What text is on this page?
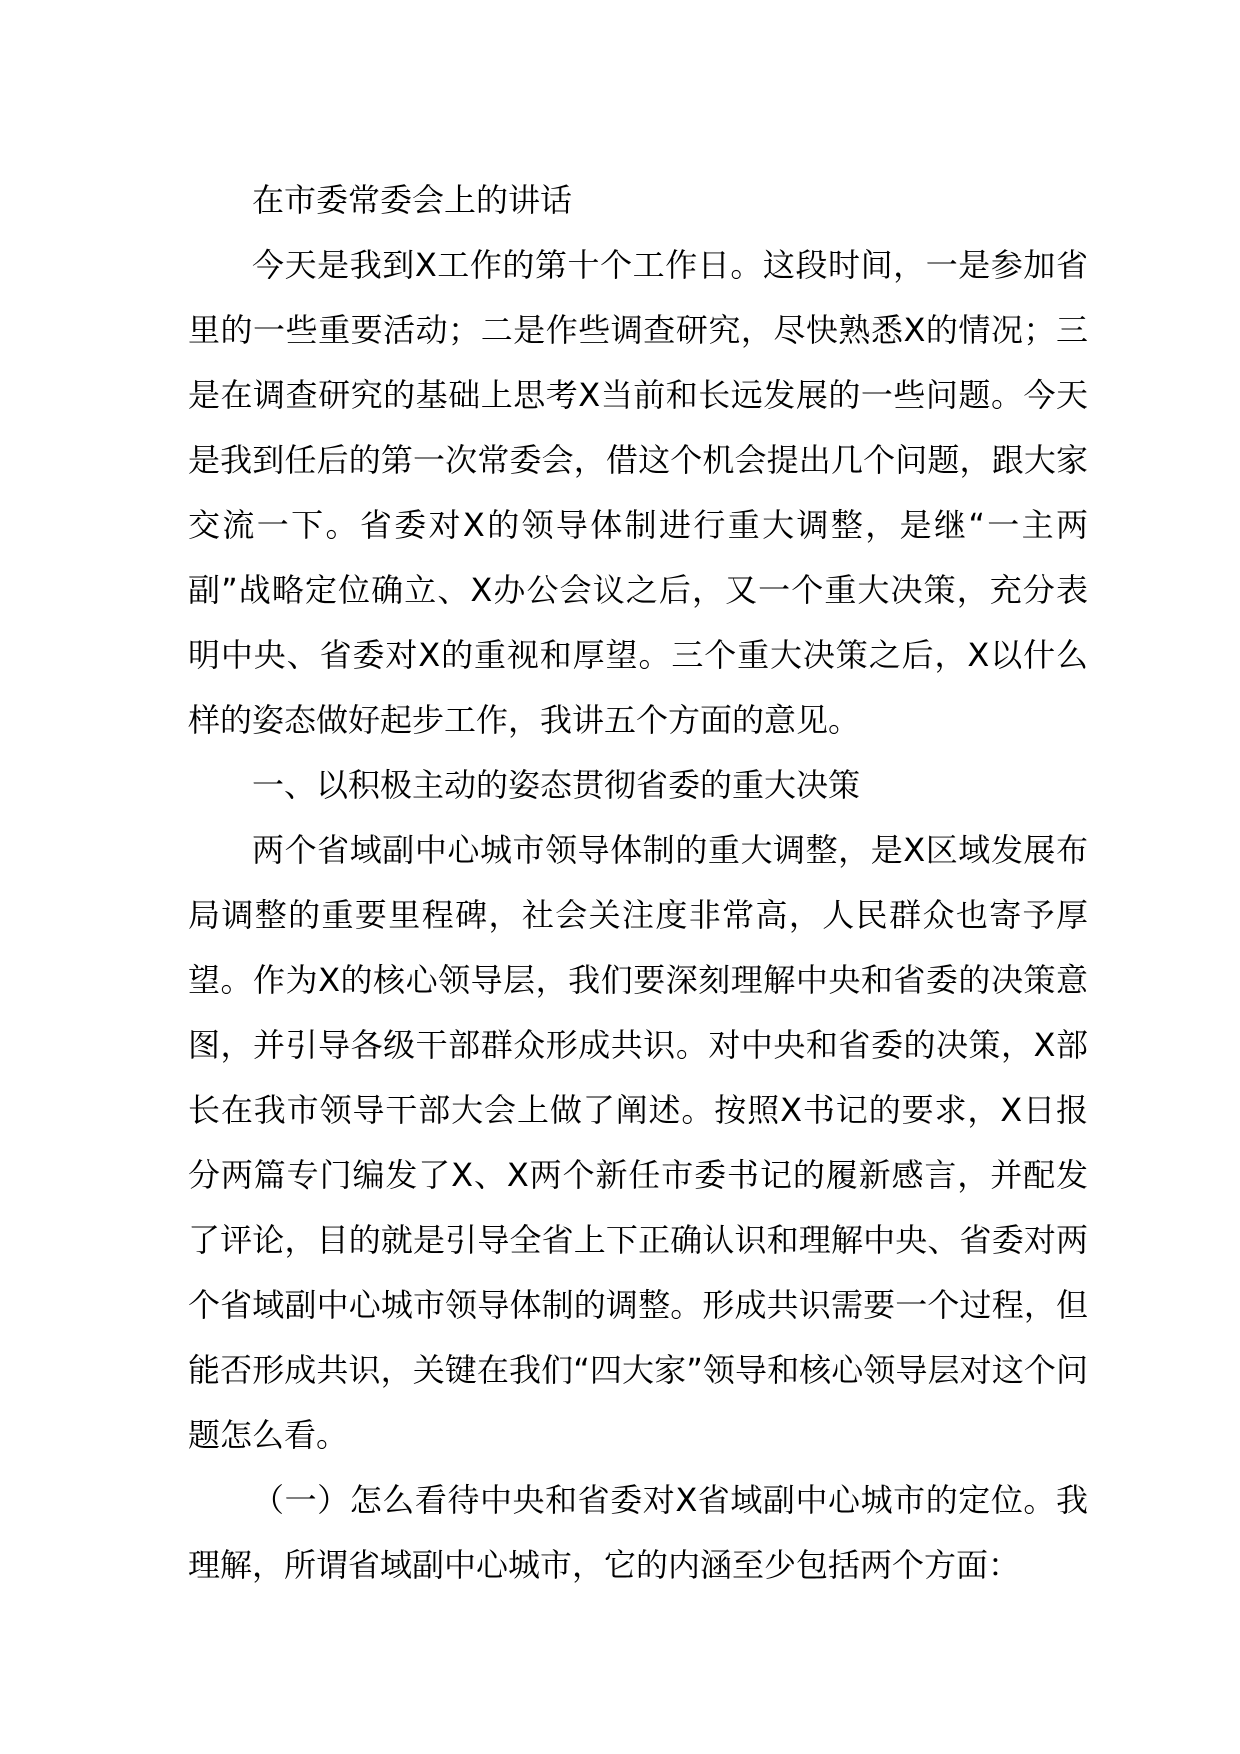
在市委常委会上的讲话

今天是我到X工作的第十个工作日。这段时间，一是参加省里的一些重要活动；二是作些调查研究，尽快熟悉X的情况；三是在调查研究的基础上思考X当前和长远发展的一些问题。今天是我到任后的第一次常委会，借这个机会提出几个问题，跟大家交流一下。省委对X的领导体制进行重大调整，是继“一主两副”战略定位确立、X办公会议之后，又一个重大决策，充分表明中央、省委对X的重视和厚望。三个重大决策之后，X以什么样的姿态做好起步工作，我讲五个方面的意见。

一、以积极主动的姿态贯彻省委的重大决策

两个省域副中心城市领导体制的重大调整，是X区域发展布局调整的重要里程碑，社会关注度非常高，人民群众也寄予厚望。作为X的核心领导层，我们要深刻理解中央和省委的决策意图，并引导各级干部群众形成共识。对中央和省委的决策，X部长在我市领导干部大会上做了阐述。按照X书记的要求，X日报分两篇专门编发了X、X两个新任市委书记的履新感言，并配发了评论，目的就是引导全省上下正确认识和理解中央、省委对两个省域副中心城市领导体制的调整。形成共识需要一个过程，但能否形成共识，关键在我们“四大家”领导和核心领导层对这个问题怎么看。

（一）怎么看待中央和省委对X省域副中心城市的定位。我理解，所谓省域副中心城市，它的内涵至少包括两个方面：
